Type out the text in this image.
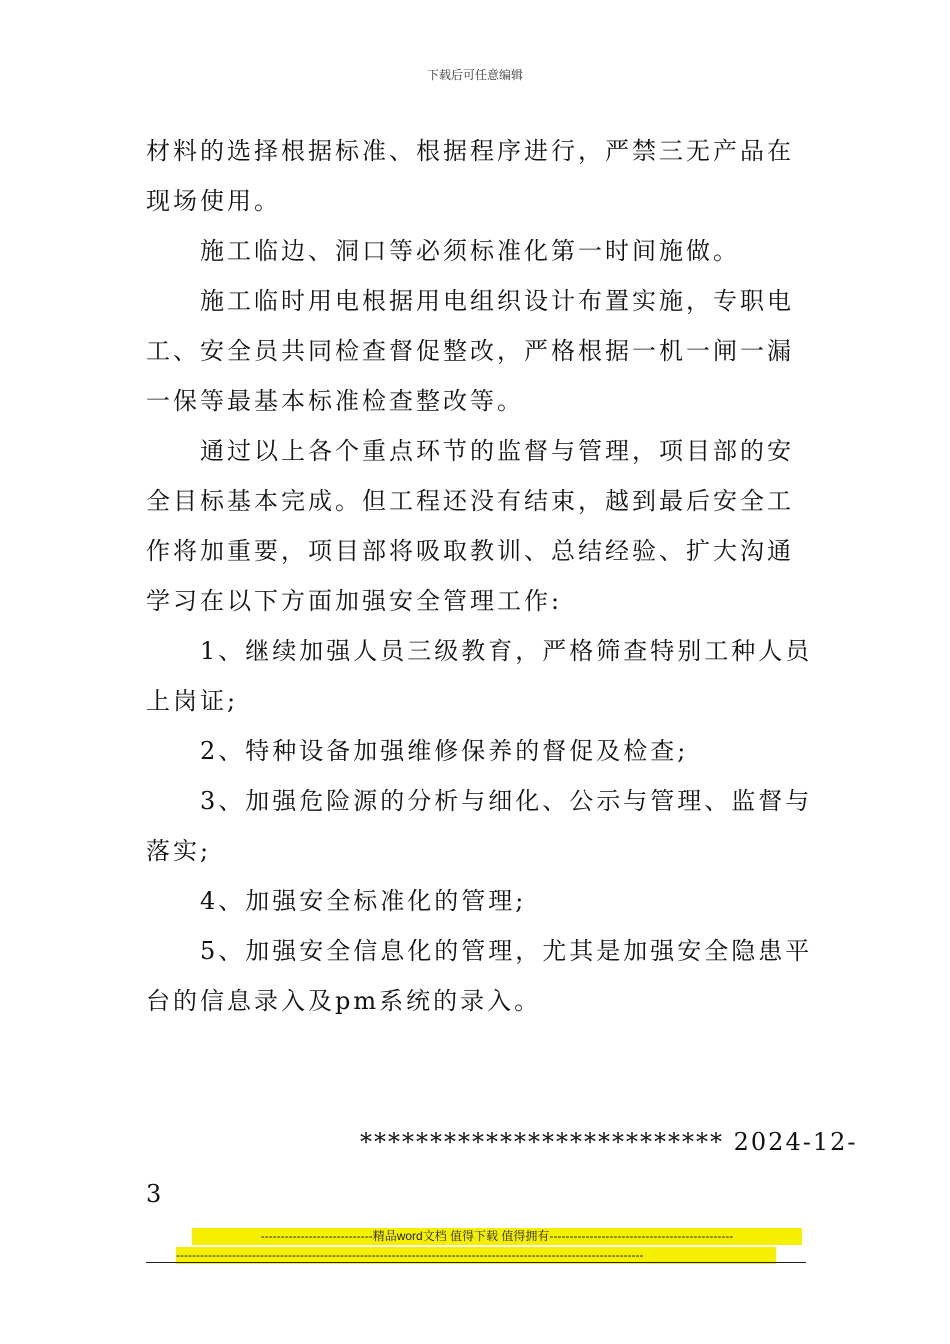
下载后可任意编辑

材料的选择根据标准、根据程序进行，严禁三无产品在现场使用。

施工临边、洞口等必须标准化第一时间施做。

施工临时用电根据用电组织设计布置实施，专职电工、安全员共同检查督促整改，严格根据一机一闸一漏一保等最基本标准检查整改等。

通过以上各个重点环节的监督与管理，项目部的安全目标基本完成。但工程还没有结束，越到最后安全工作将加重要，项目部将吸取教训、总结经验、扩大沟通学习在以下方面加强安全管理工作:

1、继续加强人员三级教育，严格筛查特别工种人员上岗证;

2、特种设备加强维修保养的督促及检查;

3、加强危险源的分析与细化、公示与管理、监督与落实;

4、加强安全标准化的管理;

5、加强安全信息化的管理，尤其是加强安全隐患平台的信息录入及pm系统的录入。

************************** 2024-12-
3
----------------------------精品word文档 值得下载 值得拥有----------------------------------------------
---------------------------------------------------------------------------------------------------------------------
